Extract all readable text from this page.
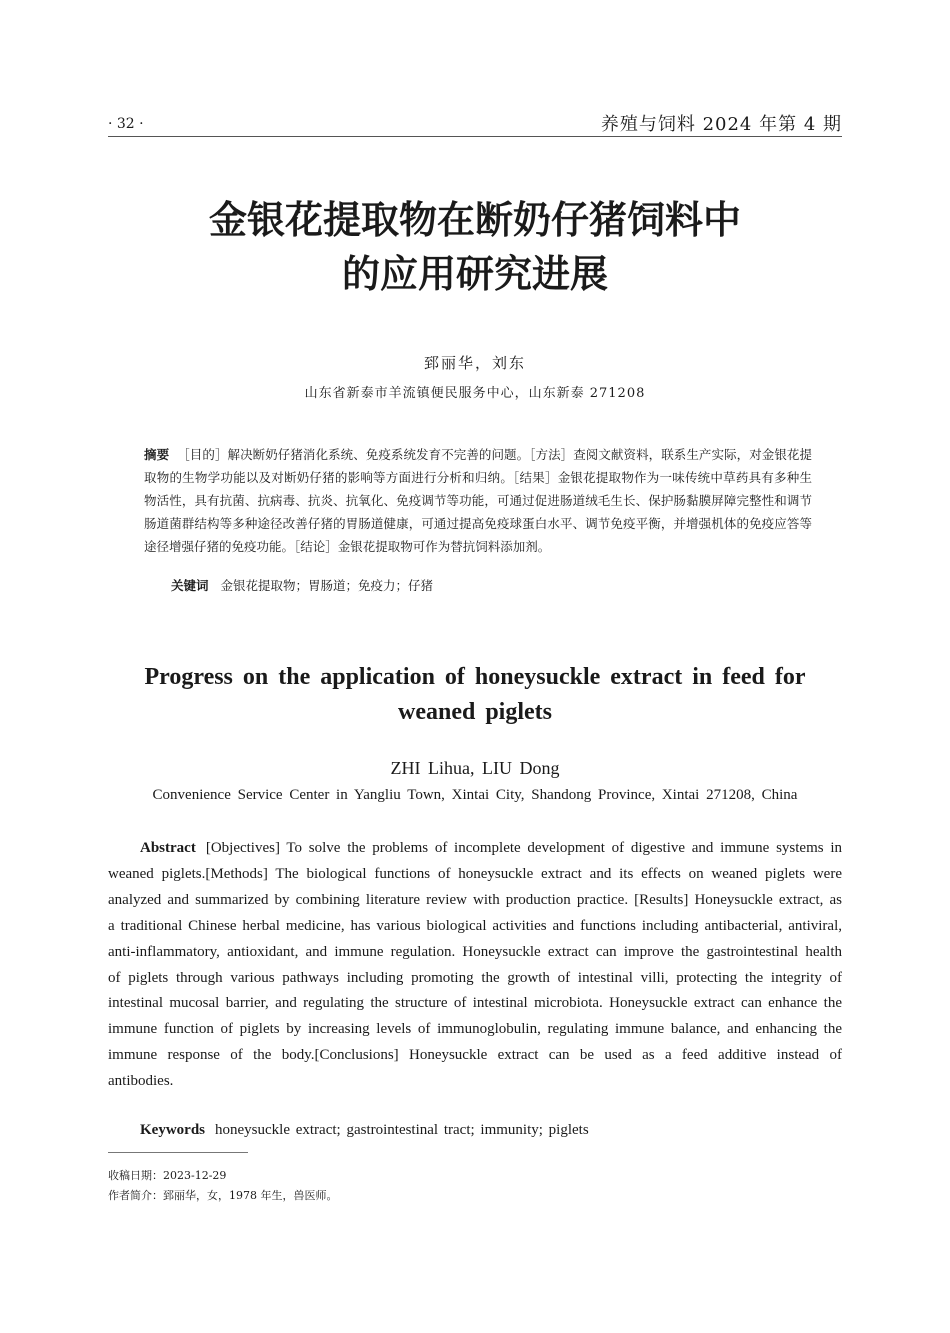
· 32 ·	养殖与饲料 2024 年第 4 期
金银花提取物在断奶仔猪饲料中
的应用研究进展
郅丽华，刘东
山东省新泰市羊流镇便民服务中心，山东新泰 271208
摘要 ［目的］解决断奶仔猪消化系统、免疫系统发育不完善的问题。［方法］查阅文献资料，联系生产实际，对金银花提取物的生物学功能以及对断奶仔猪的影响等方面进行分析和归纳。［结果］金银花提取物作为一味传统中草药具有多种生物活性，具有抗菌、抗病毒、抗炎、抗氧化、免疫调节等功能，可通过促进肠道绒毛生长、保护肠黏膜屏障完整性和调节肠道菌群结构等多种途径改善仔猪的胃肠道健康，可通过提高免疫球蛋白水平、调节免疫平衡，并增强机体的免疫应答等途径增强仔猪的免疫功能。［结论］金银花提取物可作为替抗饲料添加剂。
关键词 金银花提取物；胃肠道；免疫力；仔猪
Progress on the application of honeysuckle extract in feed for
weaned piglets
ZHI Lihua, LIU Dong
Convenience Service Center in Yangliu Town, Xintai City, Shandong Province, Xintai 271208, China
Abstract [Objectives] To solve the problems of incomplete development of digestive and immune systems in weaned piglets.[Methods] The biological functions of honeysuckle extract and its effects on weaned piglets were analyzed and summarized by combining literature review with production practice. [Results] Honeysuckle extract, as a traditional Chinese herbal medicine, has various biological activities and functions including antibacterial, antiviral, anti-inflammatory, antioxidant, and immune regulation. Honeysuckle extract can improve the gastrointestinal health of piglets through various pathways including promoting the growth of intestinal villi, protecting the integrity of intestinal mucosal barrier, and regulating the structure of intestinal microbiota. Honeysuckle extract can enhance the immune function of piglets by increasing levels of immunoglobulin, regulating immune balance, and enhancing the immune response of the body.[Conclusions] Honeysuckle extract can be used as a feed additive instead of antibodies.
Keywords honeysuckle extract; gastrointestinal tract; immunity; piglets
收稿日期：2023-12-29
作者简介：郅丽华，女，1978 年生，兽医师。
